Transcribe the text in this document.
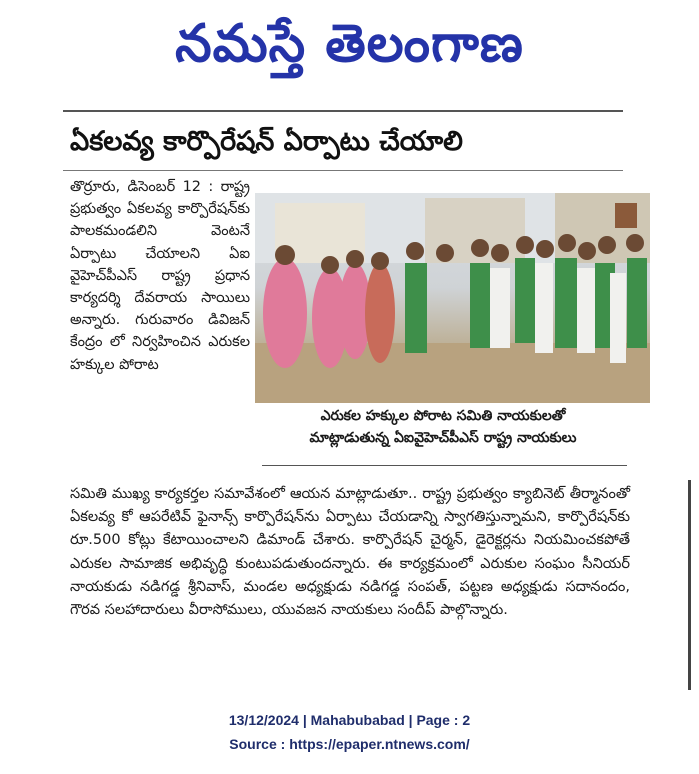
నమస్తే తెలంగాణ
ఏకలవ్య కార్పొరేషన్ ఏర్పాటు చేయాలి

తొర్రూరు, డిసెంబర్ 12 : రాష్ట్ర ప్రభుత్వం ఏకలవ్య కార్పొరేషన్‌కు పాలకమండలిని వెంటనే ఏర్పాటు చేయాలని ఏఐ వైహెచ్‌పీఎస్ రాష్ట్ర ప్రధాన కార్యదర్శి దేవరాయ సాయిలు అన్నారు. గురువారం డివిజన్ కేంద్రం లో నిర్వహించిన ఎరుకల హక్కుల పోరాట

ఎరుకల హక్కుల పోరాట సమితి నాయకులతో
మాట్లాడుతున్న ఏఐవైహెచ్‌పీఎస్ రాష్ట్ర నాయకులు

సమితి ముఖ్య కార్యకర్తల సమావేశంలో ఆయన మాట్లాడుతూ.. రాష్ట్ర ప్రభుత్వం క్యాబినెట్ తీర్మానంతో ఏకలవ్య కో ఆపరేటివ్ ఫైనాన్స్ కార్పొరేషన్‌ను ఏర్పాటు చేయడాన్ని స్వాగతిస్తున్నామని, కార్పొరేషన్‌కు రూ.500 కోట్లు కేటాయించాలని డిమాండ్ చేశారు. కార్పొరేషన్ చైర్మన్, డైరెక్టర్లను నియమించకపోతే ఎరుకల సామాజిక అభివృద్ధి కుంటుపడుతుందన్నారు. ఈ కార్యక్రమంలో ఎరుకుల సంఘం సీనియర్ నాయకుడు నడిగడ్డ శ్రీనివాస్, మండల అధ్యక్షుడు నడిగడ్డ సంపత్, పట్టణ అధ్యక్షుడు సదానందం, గౌరవ సలహాదారులు వీరాసోములు, యువజన నాయకులు సందీప్ పాల్గొన్నారు.

13/12/2024 | Mahabubabad | Page : 2
Source : https://epaper.ntnews.com/
